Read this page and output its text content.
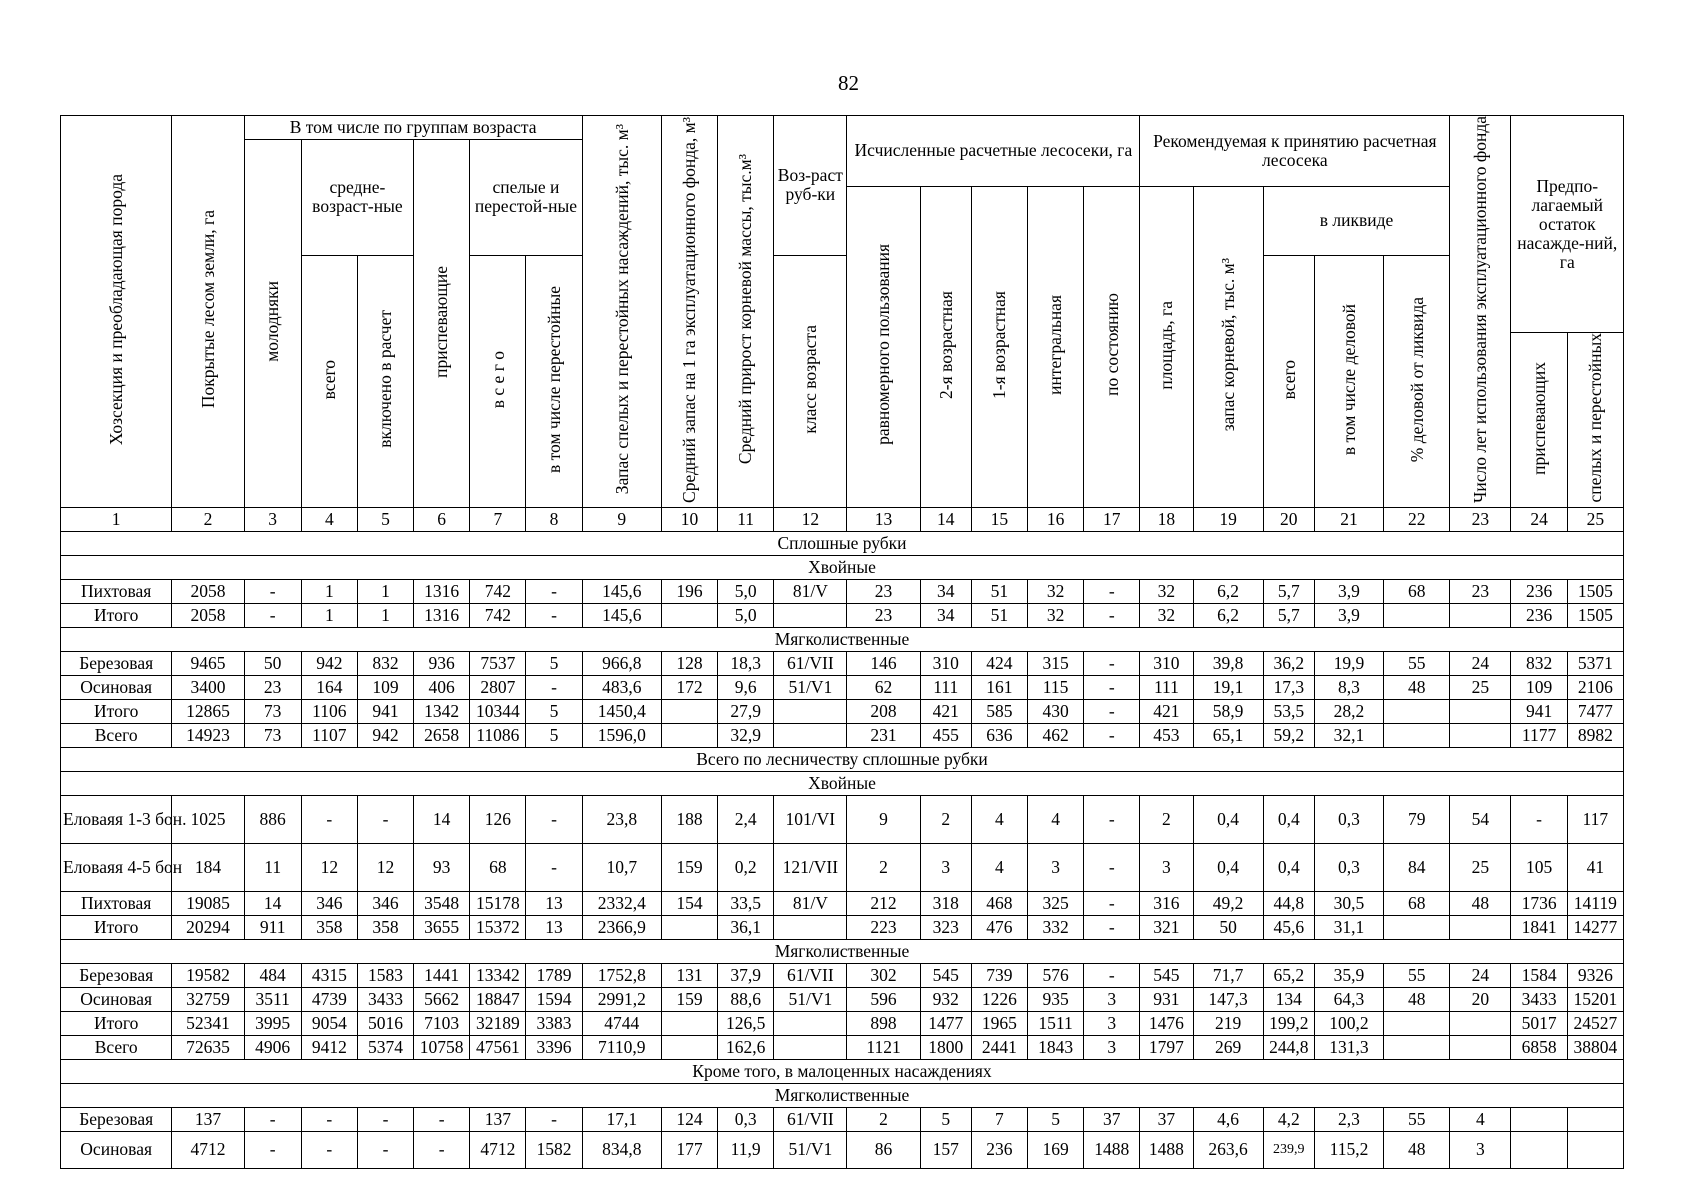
82
Хозсекция и преобладающая порода	Покрытые лесом земли, га	В том числе по группам возраста						Запас спелых и перестойных насаждений, тыс. м³	Средний запас на 1 га эксплуатационного фонда, м³	Средний прирост корневой массы, тыс.м³	Воз-раст руб-ки	Исчисленные расчетные лесосеки, га					Рекомендуемая к принятию расчетная лесосека					Число лет использования эксплуатационного фонда	Предпо-лагаемый остаток насажде-ний, га	
		молодняки	средне-возраст-ные		приспевающие	спелые и перестой-ные																		
												равномерного пользования	2-я возрастная	1-я возрастная	интегральная	по состоянию	площадь, га	запас корневой, тыс. м³	в ликвиде					
			всего	включено в расчет		в с е г о	в том числе перестойные				класс возраста								всего	в том числе деловой	% деловой от ликвида			
																							приспевающих	спелых и перестойных
1	2	3	4	5	6	7	8	9	10	11	12	13	14	15	16	17	18	19	20	21	22	23	24	25
Сплошные рубки																								
Хвойные																								
Пихтовая	2058	-	1	1	1316	742	-	145,6	196	5,0	81/V	23	34	51	32	-	32	6,2	5,7	3,9	68	23	236	1505
Итого	2058	-	1	1	1316	742	-	145,6		5,0		23	34	51	32	-	32	6,2	5,7	3,9			236	1505
Мягколиственные																								
Березовая	9465	50	942	832	936	7537	5	966,8	128	18,3	61/VII	146	310	424	315	-	310	39,8	36,2	19,9	55	24	832	5371
Осиновая	3400	23	164	109	406	2807	-	483,6	172	9,6	51/V1	62	111	161	115	-	111	19,1	17,3	8,3	48	25	109	2106
Итого	12865	73	1106	941	1342	10344	5	1450,4		27,9		208	421	585	430	-	421	58,9	53,5	28,2			941	7477
Всего	14923	73	1107	942	2658	11086	5	1596,0		32,9		231	455	636	462	-	453	65,1	59,2	32,1			1177	8982
Всего по лесничеству сплошные рубки																								
Хвойные																								
Еловаяя 1-3 бон.	1025	886	-	-	14	126	-	23,8	188	2,4	101/VI	9	2	4	4	-	2	0,4	0,4	0,3	79	54	-	117
Еловаяя 4-5 бон	184	11	12	12	93	68	-	10,7	159	0,2	121/VII	2	3	4	3	-	3	0,4	0,4	0,3	84	25	105	41
Пихтовая	19085	14	346	346	3548	15178	13	2332,4	154	33,5	81/V	212	318	468	325	-	316	49,2	44,8	30,5	68	48	1736	14119
Итого	20294	911	358	358	3655	15372	13	2366,9		36,1		223	323	476	332	-	321	50	45,6	31,1			1841	14277
Мягколиственные																								
Березовая	19582	484	4315	1583	1441	13342	1789	1752,8	131	37,9	61/VII	302	545	739	576	-	545	71,7	65,2	35,9	55	24	1584	9326
Осиновая	32759	3511	4739	3433	5662	18847	1594	2991,2	159	88,6	51/V1	596	932	1226	935	3	931	147,3	134	64,3	48	20	3433	15201
Итого	52341	3995	9054	5016	7103	32189	3383	4744		126,5		898	1477	1965	1511	3	1476	219	199,2	100,2			5017	24527
Всего	72635	4906	9412	5374	10758	47561	3396	7110,9		162,6		1121	1800	2441	1843	3	1797	269	244,8	131,3			6858	38804
Кроме того, в малоценных насаждениях																								
Мягколиственные																								
Березовая	137	-	-	-	-	137	-	17,1	124	0,3	61/VII	2	5	7	5	37	37	4,6	4,2	2,3	55	4		
Осиновая	4712	-	-	-	-	4712	1582	834,8	177	11,9	51/V1	86	157	236	169	1488	1488	263,6	239,9	115,2	48	3		
